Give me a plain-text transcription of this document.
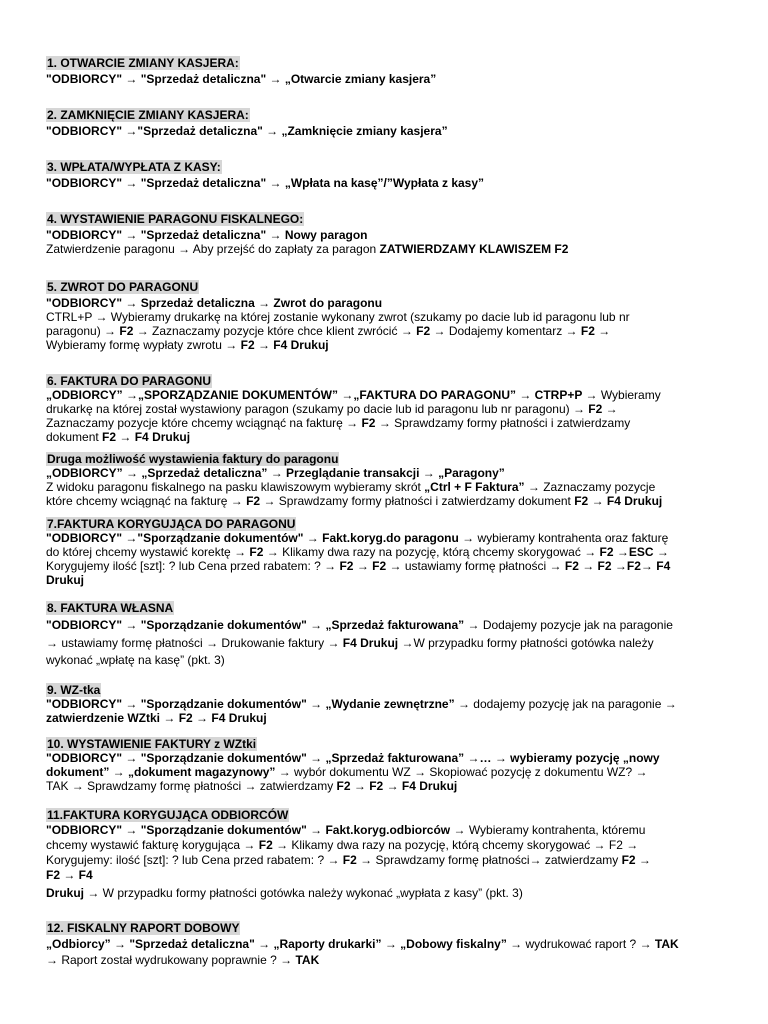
1. OTWARCIE ZMIANY KASJERA:
"ODBIORCY" → "Sprzedaż detaliczna" → „Otwarcie zmiany kasjera”
2. ZAMKNIĘCIE ZMIANY KASJERA:
"ODBIORCY" →"Sprzedaż detaliczna" → „Zamknięcie zmiany kasjera”
3. WPŁATA/WYPŁATA Z KASY:
"ODBIORCY" → "Sprzedaż detaliczna" → „Wpłata na kasę”/”Wypłata z kasy”
4. WYSTAWIENIE PARAGONU FISKALNEGO:
"ODBIORCY" → "Sprzedaż detaliczna" → Nowy paragon
Zatwierdzenie paragonu → Aby przejść do zapłaty za paragon ZATWIERDZAMY KLAWISZEM F2
5. ZWROT DO PARAGONU
"ODBIORCY" → Sprzedaż detaliczna → Zwrot do paragonu
CTRL+P → Wybieramy drukarkę na której zostanie wykonany zwrot (szukamy po dacie lub id paragonu lub nr
paragonu) → F2 → Zaznaczamy pozycje które chce klient zwrócić → F2 → Dodajemy komentarz → F2 →
Wybieramy formę wypłaty zwrotu → F2 → F4 Drukuj
6. FAKTURA DO PARAGONU
„ODBIORCY” →„SPORZĄDZANIE DOKUMENTÓW” →„FAKTURA DO PARAGONU” → CTRP+P → Wybieramy
drukarkę na której został wystawiony paragon (szukamy po dacie lub id paragonu lub nr paragonu) → F2 →
Zaznaczamy pozycje które chcemy wciągnąć na fakturę → F2 → Sprawdzamy formy płatności i zatwierdzamy
dokument F2 → F4 Drukuj
Druga możliwość wystawienia faktury do paragonu
„ODBIORCY” → „Sprzedaż detaliczna” → Przeglądanie transakcji → „Paragony”
Z widoku paragonu fiskalnego na pasku klawiszowym wybieramy skrót „Ctrl + F Faktura” → Zaznaczamy pozycje
które chcemy wciągnąć na fakturę → F2 → Sprawdzamy formy płatności i zatwierdzamy dokument F2 → F4 Drukuj
7.FAKTURA KORYGUJĄCA DO PARAGONU
"ODBIORCY" →"Sporządzanie dokumentów" → Fakt.koryg.do paragonu → wybieramy kontrahenta oraz fakturę
do której chcemy wystawić korektę → F2 → Klikamy dwa razy na pozycję, którą chcemy skorygować → F2 →ESC →
Korygujemy ilość [szt]: ? lub Cena przed rabatem: ? → F2 → F2 → ustawiamy formę płatności → F2 → F2 →F2→ F4
Drukuj
8. FAKTURA WŁASNA
"ODBIORCY" → "Sporządzanie dokumentów" → „Sprzedaż fakturowana” → Dodajemy pozycje jak na paragonie
→ ustawiamy formę płatności → Drukowanie faktury → F4 Drukuj →W przypadku formy płatności gotówka należy
wykonać „wpłatę na kasę” (pkt. 3)
9. WZ-tka
"ODBIORCY" → "Sporządzanie dokumentów" → „Wydanie zewnętrzne” → dodajemy pozycję jak na paragonie →
zatwierdzenie WZtki → F2 → F4 Drukuj
10. WYSTAWIENIE FAKTURY z WZtki
"ODBIORCY" → "Sporządzanie dokumentów" → „Sprzedaż fakturowana” →… → wybieramy pozycję „nowy
dokument” → „dokument magazynowy” → wybór dokumentu WZ → Skopiować pozycję z dokumentu WZ? →
TAK → Sprawdzamy formę płatności → zatwierdzamy F2 → F2 → F4 Drukuj
11.FAKTURA KORYGUJĄCA ODBIORCÓW
"ODBIORCY" → "Sporządzanie dokumentów" → Fakt.koryg.odbiorców → Wybieramy kontrahenta, któremu
chcemy wystawić fakturę korygująca → F2 → Klikamy dwa razy na pozycję, którą chcemy skorygować → F2 →
Korygujemy: ilość [szt]: ? lub Cena przed rabatem: ? → F2 → Sprawdzamy formę płatności→ zatwierdzamy F2 →
F2 → F4
Drukuj → W przypadku formy płatności gotówka należy wykonać „wypłata z kasy” (pkt. 3)
12. FISKALNY RAPORT DOBOWY
„Odbiorcy” → "Sprzedaż detaliczna" → „Raporty drukarki” → „Dobowy fiskalny” → wydrukować raport ? → TAK
→ Raport został wydrukowany poprawnie ? → TAK
